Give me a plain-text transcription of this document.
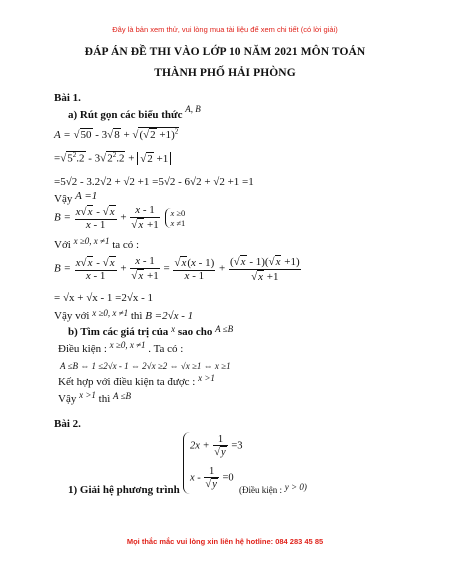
Đây là bản xem thử, vui lòng mua tài liệu để xem chi tiết (có lời giải)
ĐÁP ÁN ĐỀ THI VÀO LỚP 10 NĂM 2021 MÔN TOÁN
THÀNH PHỐ HẢI PHÒNG
Bài 1.
a) Rút gọn các biểu thức $^{A, B}$
$A = √50 - 3√8 + √(√2 +1)^2$
$=√5^2.2 - 3√2^2.2 + √2 +1$
=5√2 - 3.2√2 + √2 +1 =5√2 - 6√2 + √2 +1 =1
Vậy A =1
$B = \frac{x√x - √x}{x - 1} + \frac{x - 1}{√x +1}$ x ≥0
x ≠1
Với $^{x \ge 0, x \ne 1}$ ta có :
$B = \frac{x√x - √x}{x - 1} + \frac{x - 1}{√x +1} = \frac{√x(x - 1)}{x - 1} + \frac{(√x - 1)(√x +1)}{√x +1}$
= √x + √x - 1 =2√x - 1
Vậy với $^{x \ge 0, x \ne 1}$ thì B =2√x - 1
b) Tìm các giá trị của $^x$ sao cho $^{A \le B}$
Điều kiện : $^{x \ge 0, x \ne 1}$ . Ta có :
A ≤B ⇔ 1 ≤2√x - 1 ⇔ 2√x ≥2 ⇔ √x ≥1 ⇔ x ≥1
Kết hợp với điều kiện ta được : $^{x >1}$
Vậy $^{x >1}$ thì $^{A \le B}$
Bài 2.
$2x + \frac{1}{√y} =3$
$x - \frac{1}{√y} =0$
1) Giải hệ phương trình	(Điều kiện : $^{y > 0)}$
Mọi thắc mắc vui lòng xin liên hệ hotline: 084 283 45 85
